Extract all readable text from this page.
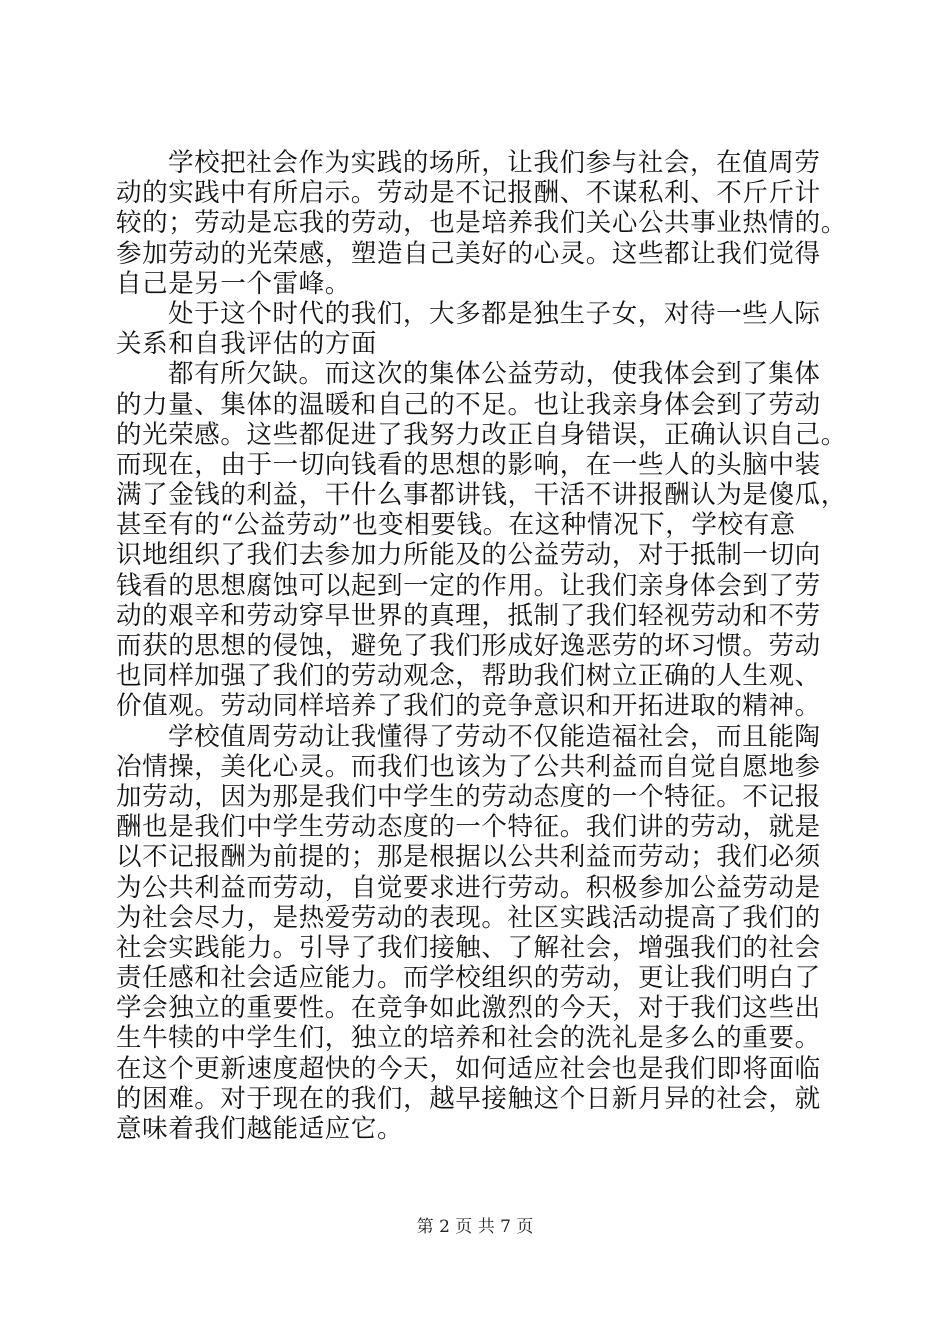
学校把社会作为实践的场所，让我们参与社会，在值周劳
动的实践中有所启示。劳动是不记报酬、不谋私利、不斤斤计
较的；劳动是忘我的劳动，也是培养我们关心公共事业热情的。
参加劳动的光荣感，塑造自己美好的心灵。这些都让我们觉得
自己是另一个雷峰。
处于这个时代的我们，大多都是独生子女，对待一些人际
关系和自我评估的方面
都有所欠缺。而这次的集体公益劳动，使我体会到了集体
的力量、集体的温暖和自己的不足。也让我亲身体会到了劳动
的光荣感。这些都促进了我努力改正自身错误，正确认识自己。
而现在，由于一切向钱看的思想的影响，在一些人的头脑中装
满了金钱的利益，干什么事都讲钱，干活不讲报酬认为是傻瓜，
甚至有的“公益劳动”也变相要钱。在这种情况下，学校有意
识地组织了我们去参加力所能及的公益劳动，对于抵制一切向
钱看的思想腐蚀可以起到一定的作用。让我们亲身体会到了劳
动的艰辛和劳动穿早世界的真理，抵制了我们轻视劳动和不劳
而获的思想的侵蚀，避免了我们形成好逸恶劳的坏习惯。劳动
也同样加强了我们的劳动观念，帮助我们树立正确的人生观、
价值观。劳动同样培养了我们的竞争意识和开拓进取的精神。
学校值周劳动让我懂得了劳动不仅能造福社会，而且能陶
冶情操，美化心灵。而我们也该为了公共利益而自觉自愿地参
加劳动，因为那是我们中学生的劳动态度的一个特征。不记报
酬也是我们中学生劳动态度的一个特征。我们讲的劳动，就是
以不记报酬为前提的；那是根据以公共利益而劳动；我们必须
为公共利益而劳动，自觉要求进行劳动。积极参加公益劳动是
为社会尽力，是热爱劳动的表现。社区实践活动提高了我们的
社会实践能力。引导了我们接触、了解社会，增强我们的社会
责任感和社会适应能力。而学校组织的劳动，更让我们明白了
学会独立的重要性。在竞争如此激烈的今天，对于我们这些出
生牛犊的中学生们，独立的培养和社会的洗礼是多么的重要。
在这个更新速度超快的今天，如何适应社会也是我们即将面临
的困难。对于现在的我们，越早接触这个日新月异的社会，就
意味着我们越能适应它。
第 2 页 共 7 页
